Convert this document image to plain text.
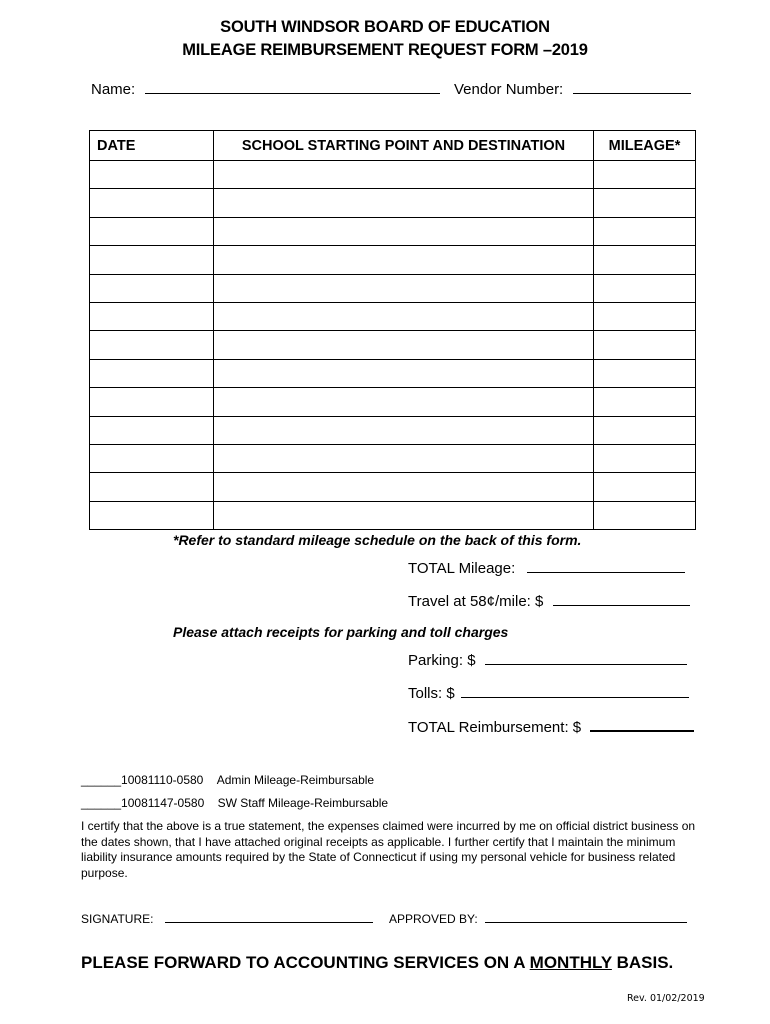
SOUTH WINDSOR BOARD OF EDUCATION
MILEAGE REIMBURSEMENT REQUEST FORM –2019
Name:	Vendor Number:
DATE	SCHOOL STARTING POINT AND DESTINATION	MILEAGE*

*Refer to standard mileage schedule on the back of this form.
TOTAL Mileage:
Travel at 58¢/mile: $
Please attach receipts for parking and toll charges
Parking: $
Tolls: $
TOTAL Reimbursement: $
______10081110-0580 Admin Mileage-Reimbursable
______10081147-0580 SW Staff Mileage-Reimbursable
I certify that the above is a true statement, the expenses claimed were incurred by me on official district business on the dates shown, that I have attached original receipts as applicable. I further certify that I maintain the minimum liability insurance amounts required by the State of Connecticut if using my personal vehicle for business related purpose.
SIGNATURE:	APPROVED BY:
PLEASE FORWARD TO ACCOUNTING SERVICES ON A MONTHLY BASIS.
Rev. 01/02/2019
